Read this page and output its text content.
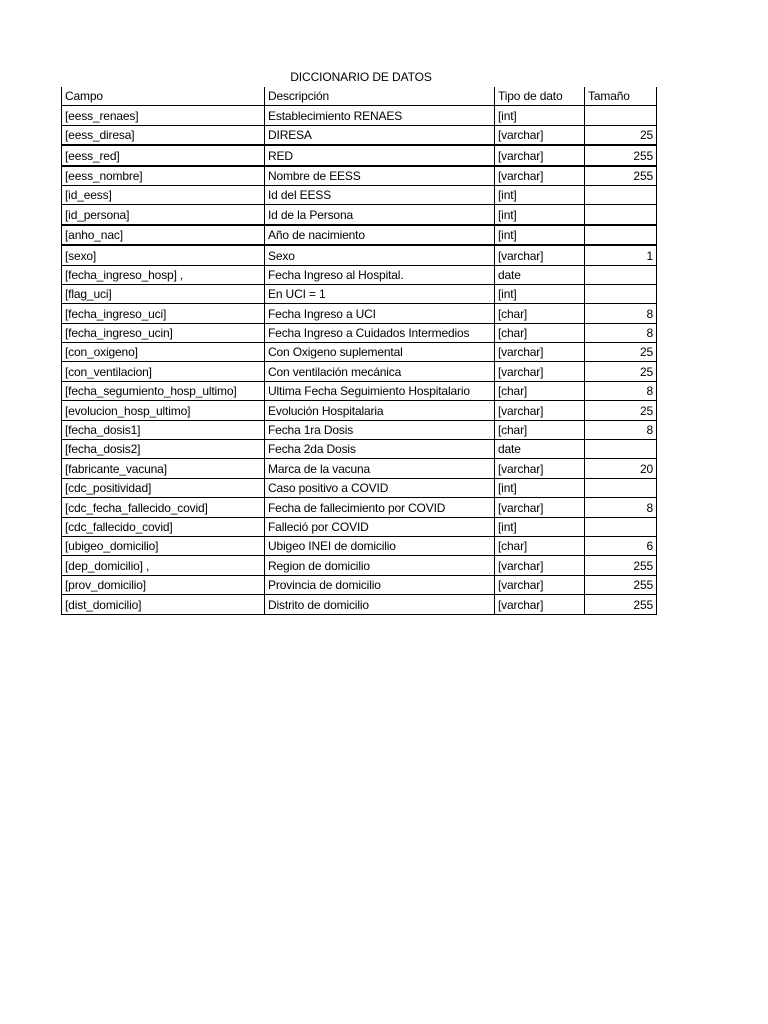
DICCIONARIO DE DATOS
Campo	Descripción	Tipo de dato	Tamaño
[eess_renaes]	Establecimiento RENAES	[int]	
[eess_diresa]	DIRESA	[varchar]	25
[eess_red]	RED	[varchar]	255
[eess_nombre]	Nombre de EESS	[varchar]	255
[id_eess]	Id del EESS	[int]	
[id_persona]	Id de la Persona	[int]	
[anho_nac]	Año de nacimiento	[int]	
[sexo]	Sexo	[varchar]	1
[fecha_ingreso_hosp] ,	Fecha Ingreso al Hospital.	date	
[flag_uci]	En UCI = 1	[int]	
[fecha_ingreso_uci]	Fecha Ingreso a UCI	[char]	8
[fecha_ingreso_ucin]	Fecha Ingreso a Cuidados Intermedios	[char]	8
[con_oxigeno]	Con Oxigeno suplemental	[varchar]	25
[con_ventilacion]	Con ventilación mecánica	[varchar]	25
[fecha_segumiento_hosp_ultimo]	Ultima Fecha Seguimiento Hospitalario	[char]	8
[evolucion_hosp_ultimo]	Evolución Hospitalaria	[varchar]	25
[fecha_dosis1]	Fecha 1ra Dosis	[char]	8
[fecha_dosis2]	Fecha 2da Dosis	date	
[fabricante_vacuna]	Marca de la vacuna	[varchar]	20
[cdc_positividad]	Caso positivo a COVID	[int]	
[cdc_fecha_fallecido_covid]	Fecha de fallecimiento por COVID	[varchar]	8
[cdc_fallecido_covid]	Falleció por COVID	[int]	
[ubigeo_domicilio]	Ubigeo INEI de domicilio	[char]	6
[dep_domicilio] ,	Region de domicilio	[varchar]	255
[prov_domicilio]	Provincia de domicilio	[varchar]	255
[dist_domicilio]	Distrito de domicilio	[varchar]	255
